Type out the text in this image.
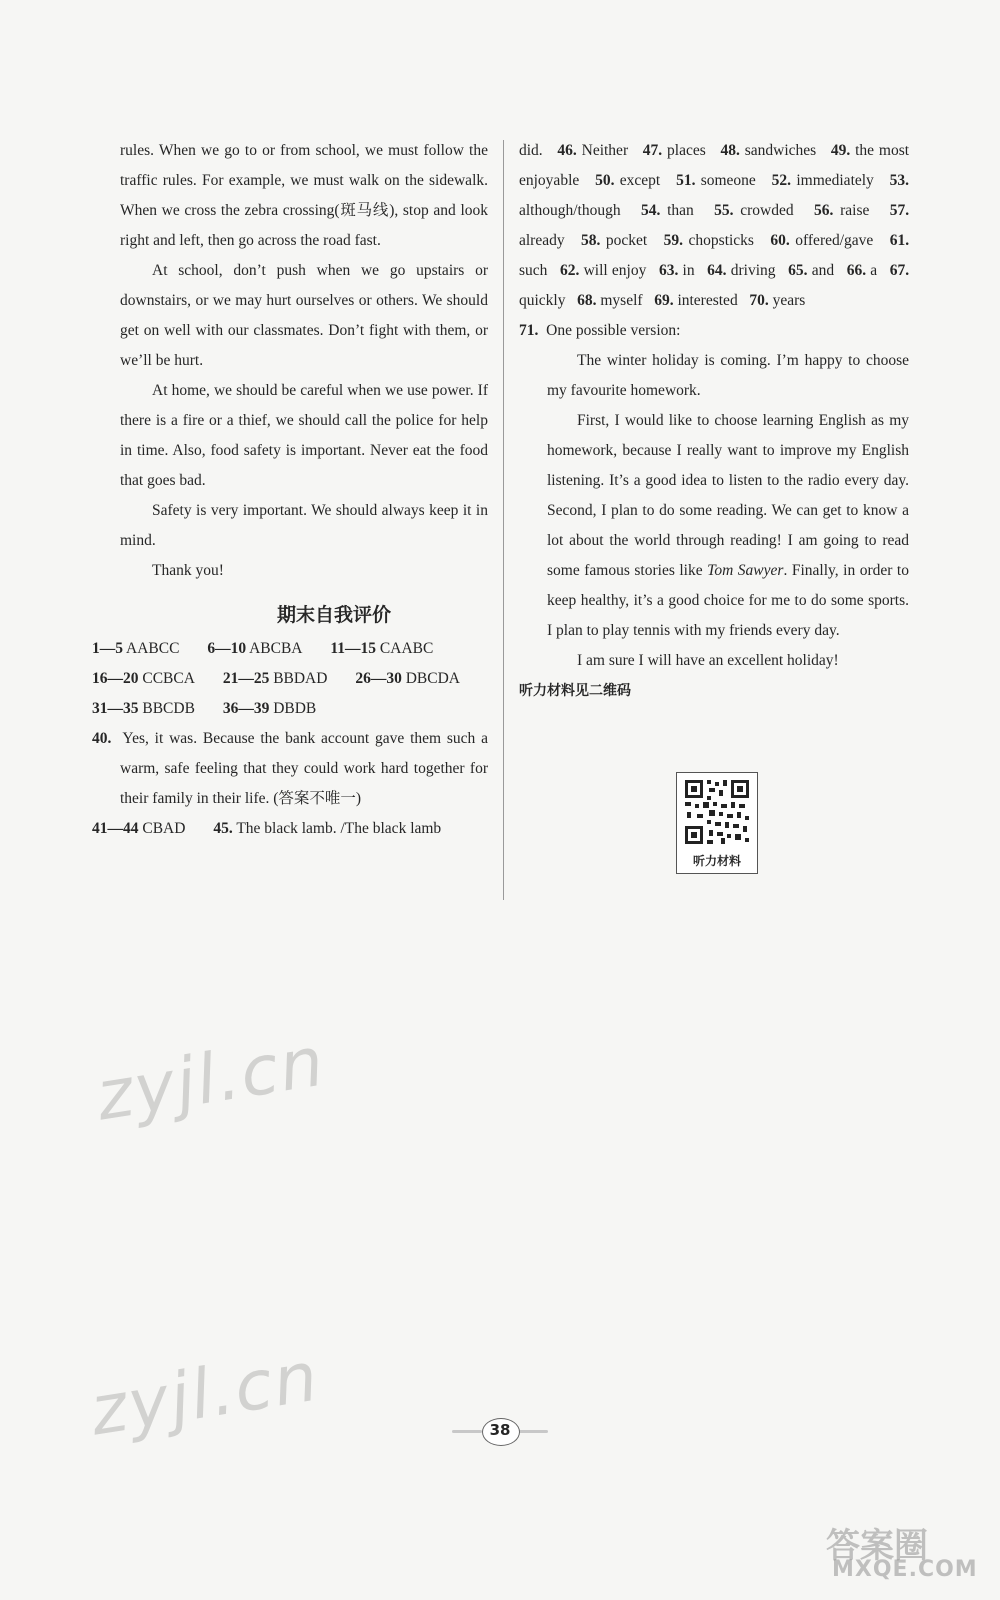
rules. When we go to or from school, we must follow the traffic rules. For example, we must walk on the sidewalk. When we cross the zebra crossing(斑马线), stop and look right and left, then go across the road fast.

At school, don’t push when we go upstairs or downstairs, or we may hurt ourselves or others. We should get on well with our classmates. Don’t fight with them, or we’ll be hurt.

At home, we should be careful when we use power. If there is a fire or a thief, we should call the police for help in time. Also, food safety is important. Never eat the food that goes bad.

Safety is very important. We should always keep it in mind.

Thank you!

期末自我评价
1—5 AABCC 6—10 ABCBA 11—15 CAABC
16—20 CCBCA 21—25 BBDAD 26—30 DBCDA
31—35 BBCDB 36—39 DBDB

40. Yes, it was. Because the bank account gave them such a warm, safe feeling that they could work hard together for their family in their life. (答案不唯一)

41—44 CBAD 45. The black lamb. /The black lamb

did. 46. Neither 47. places 48. sandwiches 49. the most enjoyable 50. except 51. someone 52. immediately 53. although/though 54. than 55. crowded 56. raise 57. already 58. pocket 59. chopsticks 60. offered/gave 61. such 62. will enjoy 63. in 64. driving 65. and 66. a 67. quickly 68. myself 69. interested 70. years

71. One possible version:

The winter holiday is coming. I’m happy to choose my favourite homework.

First, I would like to choose learning English as my homework, because I really want to improve my English listening. It’s a good idea to listen to the radio every day. Second, I plan to do some reading. We can get to know a lot about the world through reading! I am going to read some famous stories like Tom Sawyer. Finally, in order to keep healthy, it’s a good choice for me to do some sports. I plan to play tennis with my friends every day.

I am sure I will have an excellent holiday!

听力材料见二维码
听力材料
zyjl.cn
zyjl.cn	38
答案圈
MXQE.COM
